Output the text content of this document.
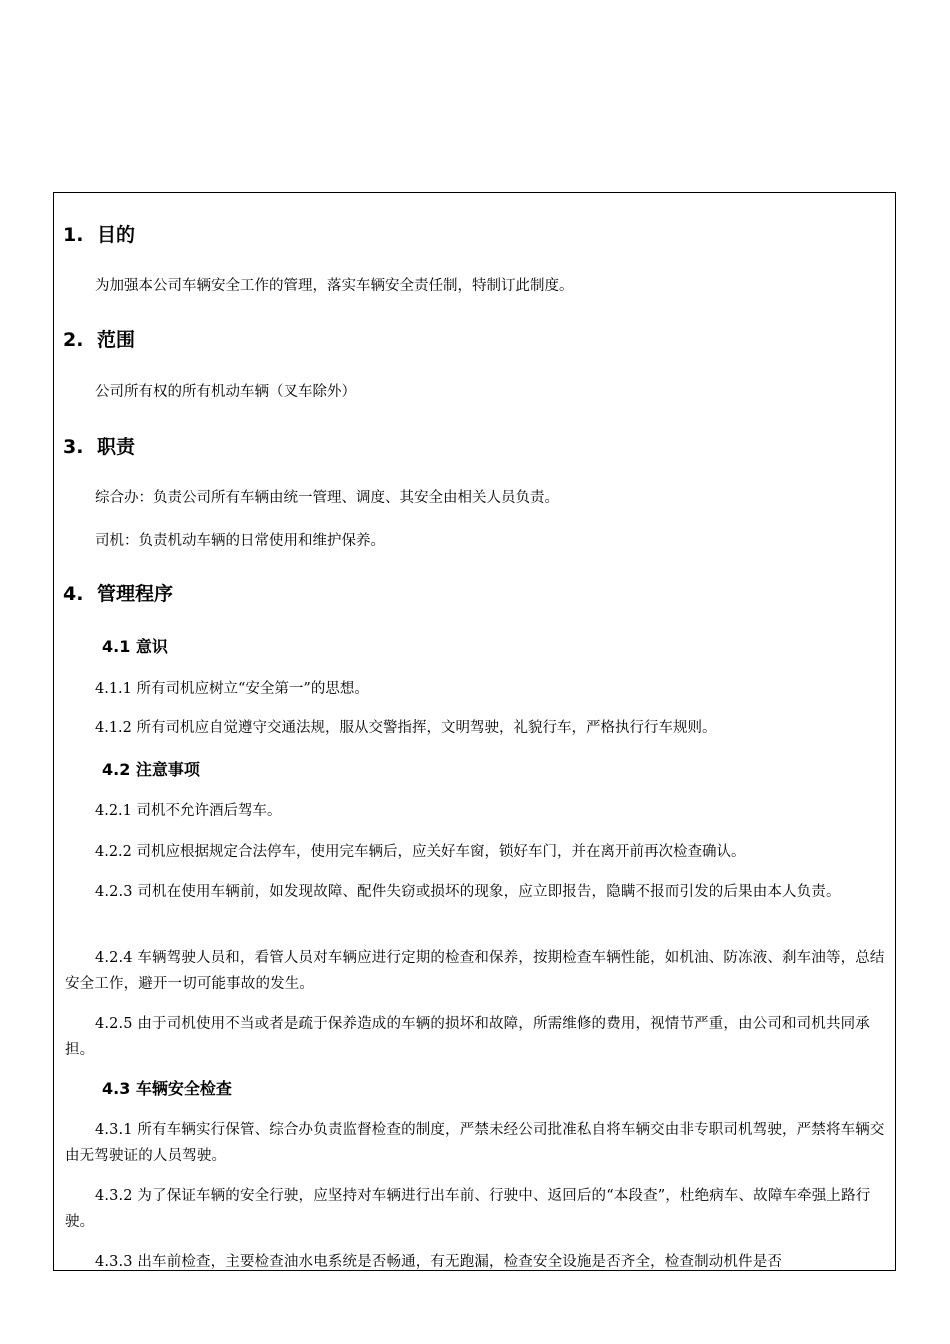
1. 目的
为加强本公司车辆安全工作的管理，落实车辆安全责任制，特制订此制度。
2. 范围
公司所有权的所有机动车辆（叉车除外）
3. 职责
综合办：负责公司所有车辆由统一管理、调度、其安全由相关人员负责。
司机：负责机动车辆的日常使用和维护保养。
4. 管理程序
4.1 意识
4.1.1 所有司机应树立“安全第一”的思想。
4.1.2 所有司机应自觉遵守交通法规，服从交警指挥，文明驾驶，礼貌行车，严格执行行车规则。
4.2 注意事项
4.2.1 司机不允许酒后驾车。
4.2.2 司机应根据规定合法停车，使用完车辆后，应关好车窗，锁好车门，并在离开前再次检查确认。
4.2.3 司机在使用车辆前，如发现故障、配件失窃或损坏的现象，应立即报告，隐瞒不报而引发的后果由本人负责。
4.2.4 车辆驾驶人员和，看管人员对车辆应进行定期的检查和保养，按期检查车辆性能，如机油、防冻液、刹车油等，总结安全工作，避开一切可能事故的发生。
4.2.5 由于司机使用不当或者是疏于保养造成的车辆的损坏和故障，所需维修的费用，视情节严重，由公司和司机共同承担。
4.3 车辆安全检查
4.3.1 所有车辆实行保管、综合办负责监督检查的制度，严禁未经公司批准私自将车辆交由非专职司机驾驶，严禁将车辆交由无驾驶证的人员驾驶。
4.3.2 为了保证车辆的安全行驶，应坚持对车辆进行出车前、行驶中、返回后的“本段查”，杜绝病车、故障车牵强上路行驶。
4.3.3 出车前检查，主要检查油水电系统是否畅通，有无跑漏，检查安全设施是否齐全，检查制动机件是否
